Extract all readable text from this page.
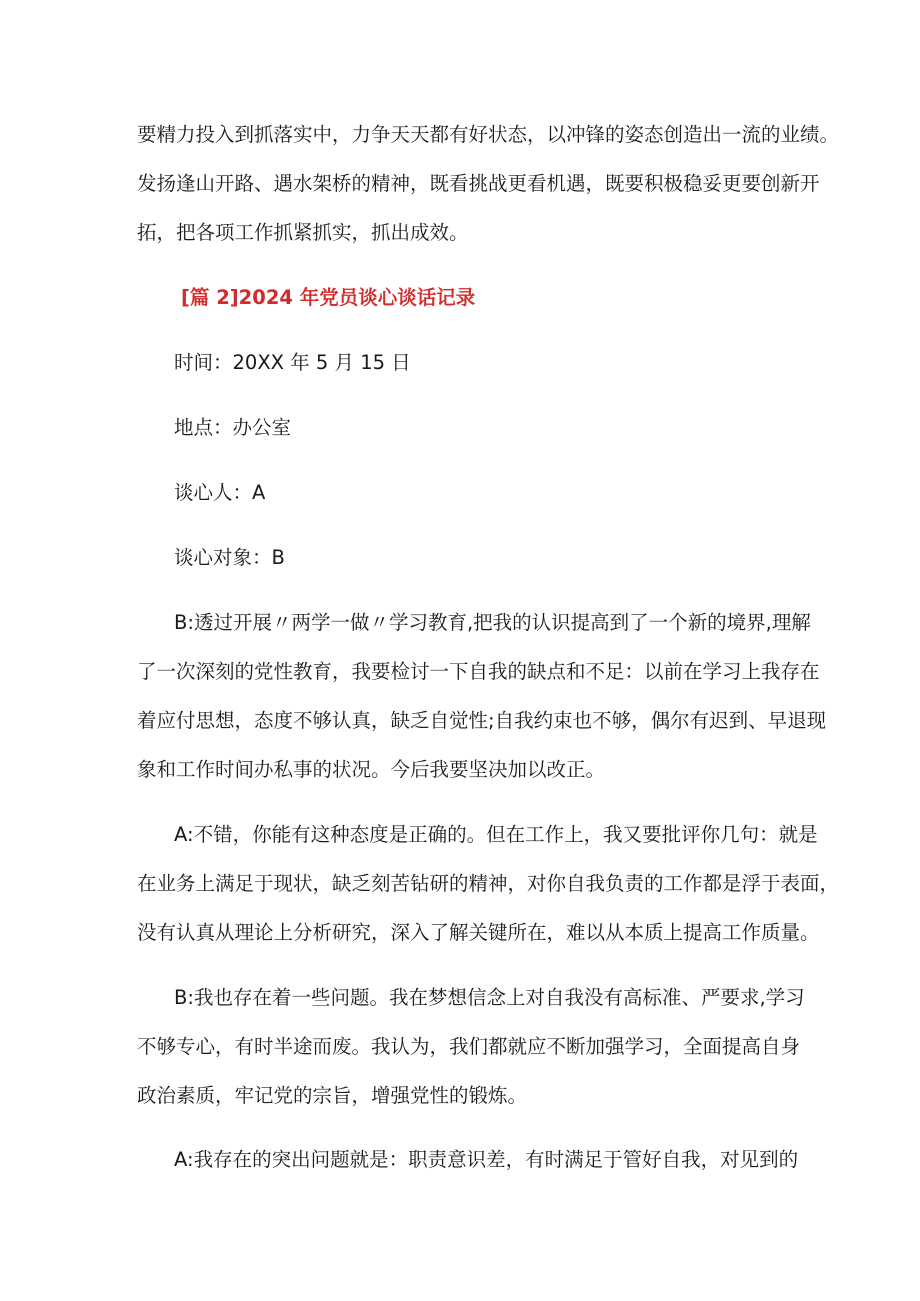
要精力投入到抓落实中，力争天天都有好状态，以冲锋的姿态创造出一流的业绩。
发扬逢山开路、遇水架桥的精神，既看挑战更看机遇，既要积极稳妥更要创新开
拓，把各项工作抓紧抓实，抓出成效。
[篇 2]2024 年党员谈心谈话记录
时间：20XX 年 5 月 15 日
地点：办公室
谈心人：A
谈心对象：B
B:透过开展〃两学一做〃学习教育,把我的认识提高到了一个新的境界,理解
了一次深刻的党性教育，我要检讨一下自我的缺点和不足：以前在学习上我存在
着应付思想，态度不够认真，缺乏自觉性;自我约束也不够，偶尔有迟到、早退现
象和工作时间办私事的状况。今后我要坚决加以改正。
A:不错，你能有这种态度是正确的。但在工作上，我又要批评你几句：就是
在业务上满足于现状，缺乏刻苦钻研的精神，对你自我负责的工作都是浮于表面，
没有认真从理论上分析研究，深入了解关键所在，难以从本质上提高工作质量。
B:我也存在着一些问题。我在梦想信念上对自我没有高标准、严要求,学习
不够专心，有时半途而废。我认为，我们都就应不断加强学习，全面提高自身
政治素质，牢记党的宗旨，增强党性的锻炼。
A:我存在的突出问题就是：职责意识差，有时满足于管好自我，对见到的
